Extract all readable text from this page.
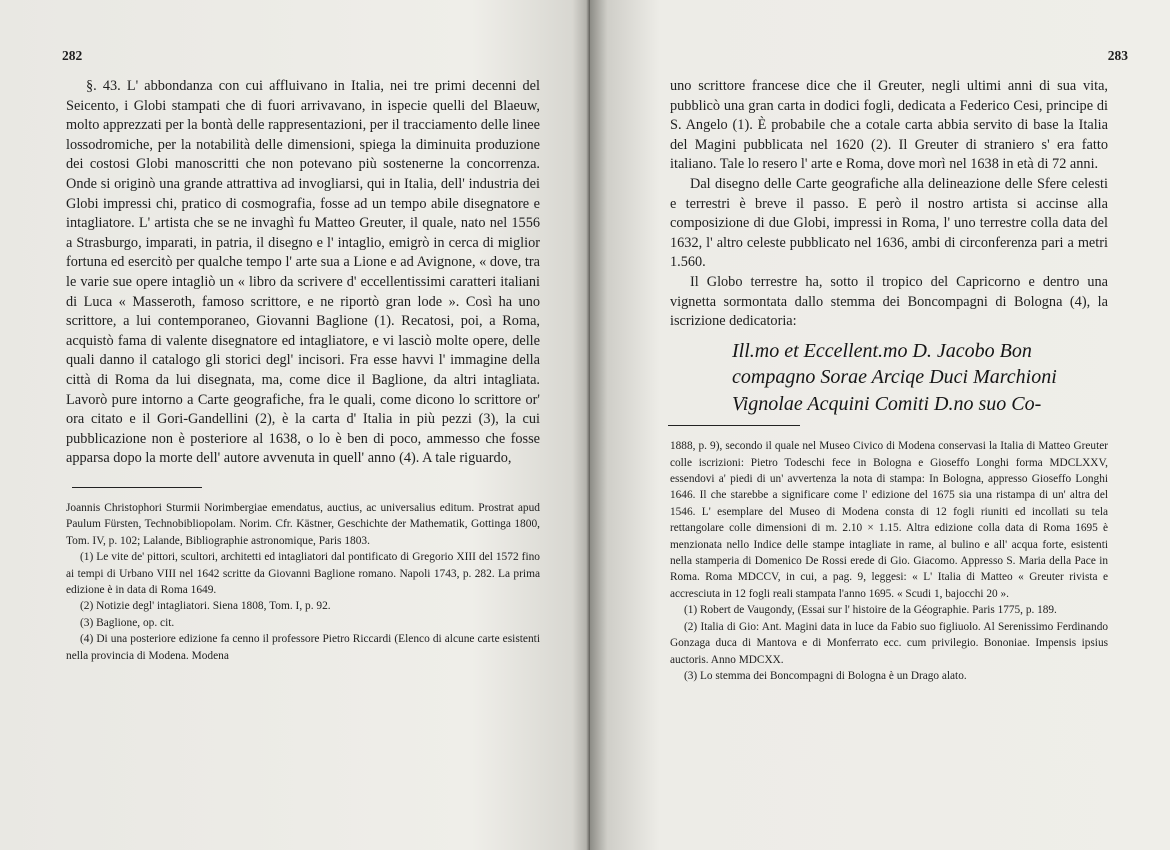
282

§. 43. L' abbondanza con cui affluivano in Italia, nei tre primi decenni del Seicento, i Globi stampati che di fuori arrivavano, in ispecie quelli del Blaeuw, molto apprezzati per la bontà delle rappresentazioni, per il tracciamento delle linee lossodromiche, per la notabilità delle dimensioni, spiega la diminuita produzione dei costosi Globi manoscritti che non potevano più sostenerne la concorrenza. Onde si originò una grande attrattiva ad invogliarsi, qui in Italia, dell' industria dei Globi impressi chi, pratico di cosmografia, fosse ad un tempo abile disegnatore e intagliatore. L' artista che se ne invaghì fu Matteo Greuter, il quale, nato nel 1556 a Strasburgo, imparati, in patria, il disegno e l' intaglio, emigrò in cerca di miglior fortuna ed esercitò per qualche tempo l' arte sua a Lione e ad Avignone, « dove, tra le varie sue opere intagliò un « libro da scrivere d' eccellentissimi caratteri italiani di Luca « Masseroth, famoso scrittore, e ne riportò gran lode ». Così ha uno scrittore, a lui contemporaneo, Giovanni Baglione (1). Recatosi, poi, a Roma, acquistò fama di valente disegnatore ed intagliatore, e vi lasciò molte opere, delle quali danno il catalogo gli storici degl' incisori. Fra esse havvi l' immagine della città di Roma da lui disegnata, ma, come dice il Baglione, da altri intagliata. Lavorò pure intorno a Carte geografiche, fra le quali, come dicono lo scrittore or' ora citato e il Gori-Gandellini (2), è la carta d' Italia in più pezzi (3), la cui pubblicazione non è posteriore al 1638, o lo è ben di poco, ammesso che fosse apparsa dopo la morte dell' autore avvenuta in quell' anno (4). A tale riguardo,

Joannis Christophori Sturmii Norimbergiae emendatus, auctius, ac universalius editum. Prostrat apud Paulum Fürsten, Technobibliopolam. Norim. Cfr. Kästner, Geschichte der Mathematik, Gottinga 1800, Tom. IV, p. 102; Lalande, Bibliographie astronomique, Paris 1803.

(1) Le vite de' pittori, scultori, architetti ed intagliatori dal pontificato di Gregorio XIII del 1572 fino ai tempi di Urbano VIII nel 1642 scritte da Giovanni Baglione romano. Napoli 1743, p. 282. La prima edizione è in data di Roma 1649.

(2) Notizie degl' intagliatori. Siena 1808, Tom. I, p. 92.

(3) Baglione, op. cit.

(4) Di una posteriore edizione fa cenno il professore Pietro Riccardi (Elenco di alcune carte esistenti nella provincia di Modena. Modena

283

uno scrittore francese dice che il Greuter, negli ultimi anni di sua vita, pubblicò una gran carta in dodici fogli, dedicata a Federico Cesi, principe di S. Angelo (1). È probabile che a cotale carta abbia servito di base la Italia del Magini pubblicata nel 1620 (2). Il Greuter di straniero s' era fatto italiano. Tale lo resero l' arte e Roma, dove morì nel 1638 in età di 72 anni.

Dal disegno delle Carte geografiche alla delineazione delle Sfere celesti e terrestri è breve il passo. E però il nostro artista si accinse alla composizione di due Globi, impressi in Roma, l' uno terrestre colla data del 1632, l' altro celeste pubblicato nel 1636, ambi di circonferenza pari a metri 1.560.

Il Globo terrestre ha, sotto il tropico del Capricorno e dentro una vignetta sormontata dallo stemma dei Boncompagni di Bologna (4), la iscrizione dedicatoria:

Ill.mo et Eccellent.mo D. Jacobo Bon
compagno Sorae Arciqe Duci Marchioni
Vignolae Acquini Comiti D.no suo Co-

1888, p. 9), secondo il quale nel Museo Civico di Modena conservasi la Italia di Matteo Greuter colle iscrizioni: Pietro Todeschi fece in Bologna e Gioseffo Longhi forma MDCLXXV, essendovi a' piedi di un' avvertenza la nota di stampa: In Bologna, appresso Gioseffo Longhi 1646. Il che starebbe a significare come l' edizione del 1675 sia una ristampa di un' altra del 1546. L' esemplare del Museo di Modena consta di 12 fogli riuniti ed incollati su tela rettangolare colle dimensioni di m. 2.10 × 1.15. Altra edizione colla data di Roma 1695 è menzionata nello Indice delle stampe intagliate in rame, al bulino e all' acqua forte, esistenti nella stamperia di Domenico De Rossi erede di Gio. Giacomo. Appresso S. Maria della Pace in Roma. Roma MDCCV, in cui, a pag. 9, leggesi: « L' Italia di Matteo « Greuter rivista e accresciuta in 12 fogli reali stampata l'anno 1695. « Scudi 1, bajocchi 20 ».

(1) Robert de Vaugondy, (Essai sur l' histoire de la Géographie. Paris 1775, p. 189.

(2) Italia di Gio: Ant. Magini data in luce da Fabio suo figliuolo. Al Serenissimo Ferdinando Gonzaga duca di Mantova e di Monferrato ecc. cum privilegio. Bononiae. Impensis ipsius auctoris. Anno MDCXX.

(3) Lo stemma dei Boncompagni di Bologna è un Drago alato.
